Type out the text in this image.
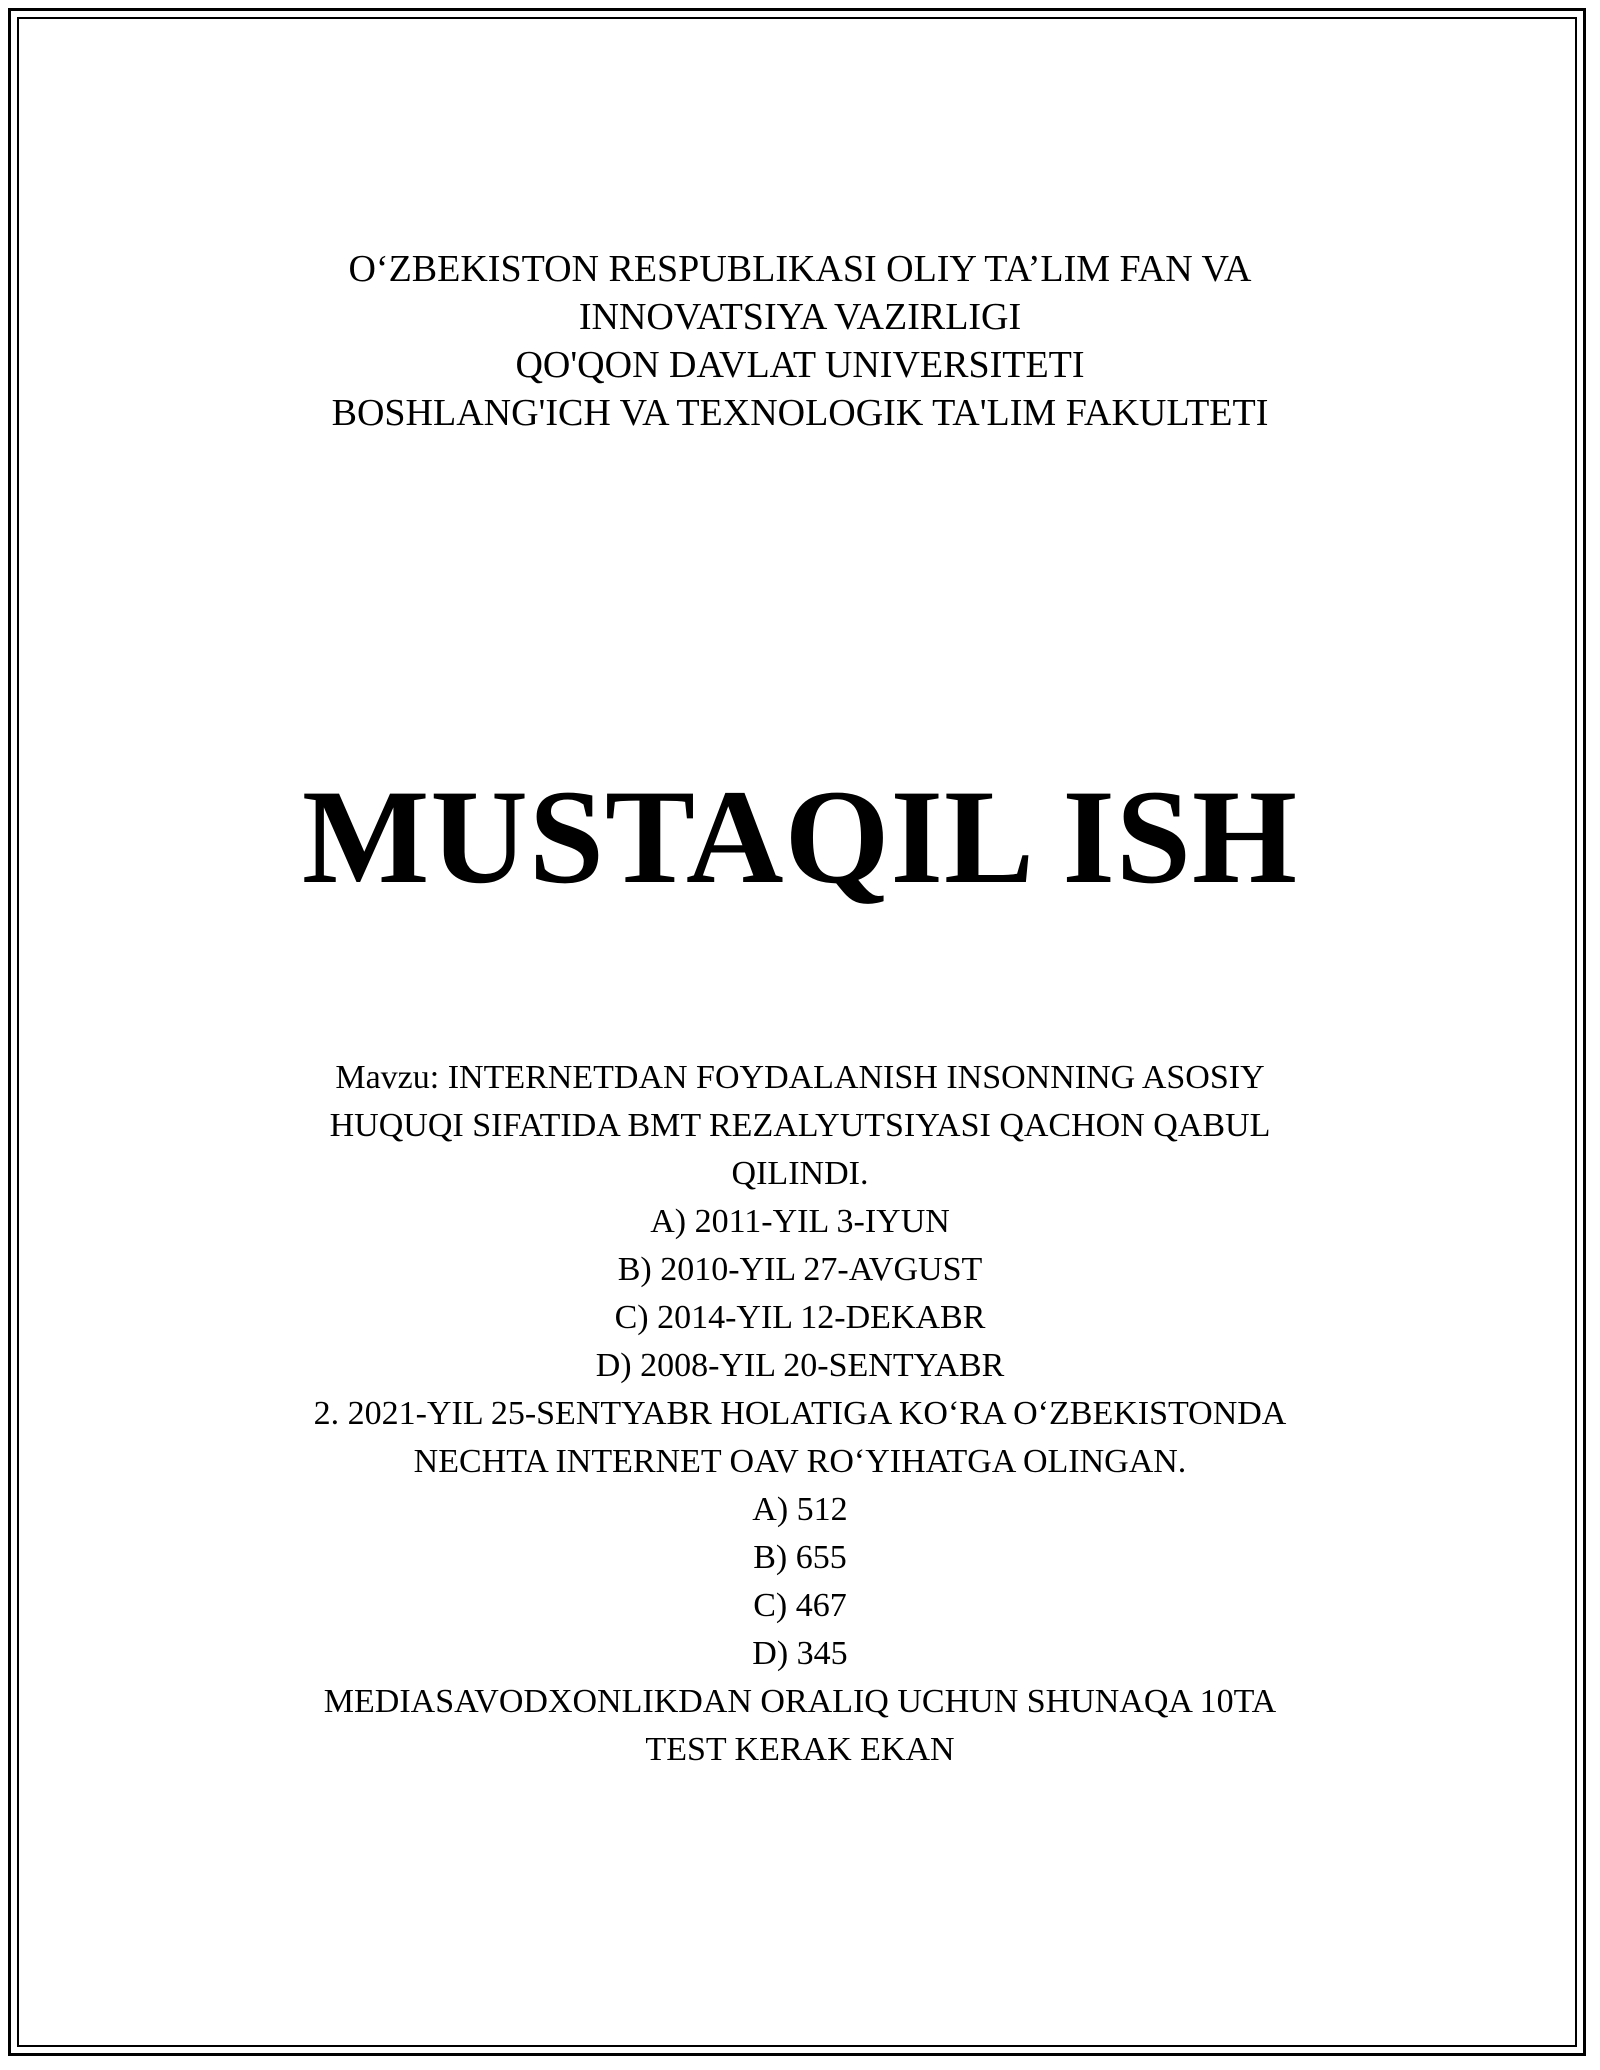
O‘ZBEKISTON RESPUBLIKASI OLIY TA’LIM FAN VA
INNOVATSIYA VAZIRLIGI
QO'QON DAVLAT UNIVERSITETI
BOSHLANG'ICH VA TEXNOLOGIK TA'LIM FAKULTETI
MUSTAQIL ISH
Mavzu: INTERNETDAN FOYDALANISH INSONNING ASOSIY
HUQUQI SIFATIDA BMT REZALYUTSIYASI QACHON QABUL
QILINDI.
A) 2011-YIL 3-IYUN
B) 2010-YIL 27-AVGUST
C) 2014-YIL 12-DEKABR
D) 2008-YIL 20-SENTYABR
2. 2021-YIL 25-SENTYABR HOLATIGA KO‘RA O‘ZBEKISTONDA
NECHTA INTERNET OAV RO‘YIHATGA OLINGAN.
A) 512
B) 655
C) 467
D) 345
MEDIASAVODXONLIKDAN ORALIQ UCHUN SHUNAQA 10TA
TEST KERAK EKAN
